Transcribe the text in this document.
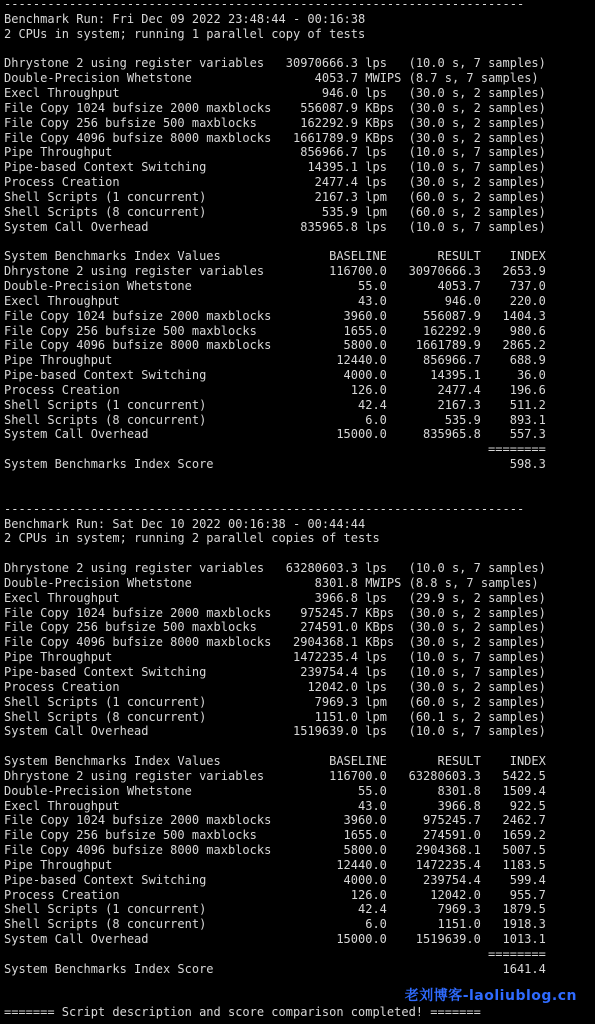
------------------------------------------------------------------------
Benchmark Run: Fri Dec 09 2022 23:48:44 - 00:16:38
2 CPUs in system; running 1 parallel copy of tests
Dhrystone 2 using register variables   30970666.3 lps   (10.0 s, 7 samples)
Double-Precision Whetstone                 4053.7 MWIPS (8.7 s, 7 samples)
Execl Throughput                            946.0 lps   (30.0 s, 2 samples)
File Copy 1024 bufsize 2000 maxblocks    556087.9 KBps  (30.0 s, 2 samples)
File Copy 256 bufsize 500 maxblocks      162292.9 KBps  (30.0 s, 2 samples)
File Copy 4096 bufsize 8000 maxblocks   1661789.9 KBps  (30.0 s, 2 samples)
Pipe Throughput                          856966.7 lps   (10.0 s, 7 samples)
Pipe-based Context Switching              14395.1 lps   (10.0 s, 7 samples)
Process Creation                           2477.4 lps   (30.0 s, 2 samples)
Shell Scripts (1 concurrent)               2167.3 lpm   (60.0 s, 2 samples)
Shell Scripts (8 concurrent)                535.9 lpm   (60.0 s, 2 samples)
System Call Overhead                     835965.8 lps   (10.0 s, 7 samples)
System Benchmarks Index Values               BASELINE       RESULT    INDEX
Dhrystone 2 using register variables         116700.0   30970666.3   2653.9
Double-Precision Whetstone                       55.0       4053.7    737.0
Execl Throughput                                 43.0        946.0    220.0
File Copy 1024 bufsize 2000 maxblocks          3960.0     556087.9   1404.3
File Copy 256 bufsize 500 maxblocks            1655.0     162292.9    980.6
File Copy 4096 bufsize 8000 maxblocks          5800.0    1661789.9   2865.2
Pipe Throughput                               12440.0     856966.7    688.9
Pipe-based Context Switching                   4000.0      14395.1     36.0
Process Creation                                126.0       2477.4    196.6
Shell Scripts (1 concurrent)                     42.4       2167.3    511.2
Shell Scripts (8 concurrent)                      6.0        535.9    893.1
System Call Overhead                          15000.0     835965.8    557.3
========
System Benchmarks Index Score                                         598.3
------------------------------------------------------------------------
Benchmark Run: Sat Dec 10 2022 00:16:38 - 00:44:44
2 CPUs in system; running 2 parallel copies of tests
Dhrystone 2 using register variables   63280603.3 lps   (10.0 s, 7 samples)
Double-Precision Whetstone                 8301.8 MWIPS (8.8 s, 7 samples)
Execl Throughput                           3966.8 lps   (29.9 s, 2 samples)
File Copy 1024 bufsize 2000 maxblocks    975245.7 KBps  (30.0 s, 2 samples)
File Copy 256 bufsize 500 maxblocks      274591.0 KBps  (30.0 s, 2 samples)
File Copy 4096 bufsize 8000 maxblocks   2904368.1 KBps  (30.0 s, 2 samples)
Pipe Throughput                         1472235.4 lps   (10.0 s, 7 samples)
Pipe-based Context Switching             239754.4 lps   (10.0 s, 7 samples)
Process Creation                          12042.0 lps   (30.0 s, 2 samples)
Shell Scripts (1 concurrent)               7969.3 lpm   (60.0 s, 2 samples)
Shell Scripts (8 concurrent)               1151.0 lpm   (60.1 s, 2 samples)
System Call Overhead                    1519639.0 lps   (10.0 s, 7 samples)
System Benchmarks Index Values               BASELINE       RESULT    INDEX
Dhrystone 2 using register variables         116700.0   63280603.3   5422.5
Double-Precision Whetstone                       55.0       8301.8   1509.4
Execl Throughput                                 43.0       3966.8    922.5
File Copy 1024 bufsize 2000 maxblocks          3960.0     975245.7   2462.7
File Copy 256 bufsize 500 maxblocks            1655.0     274591.0   1659.2
File Copy 4096 bufsize 8000 maxblocks          5800.0    2904368.1   5007.5
Pipe Throughput                               12440.0    1472235.4   1183.5
Pipe-based Context Switching                   4000.0     239754.4    599.4
Process Creation                                126.0      12042.0    955.7
Shell Scripts (1 concurrent)                     42.4       7969.3   1879.5
Shell Scripts (8 concurrent)                      6.0       1151.0   1918.3
System Call Overhead                          15000.0    1519639.0   1013.1
========
System Benchmarks Index Score                                        1641.4
======= Script description and score comparison completed! =======
老刘博客-laoliublog.cn
